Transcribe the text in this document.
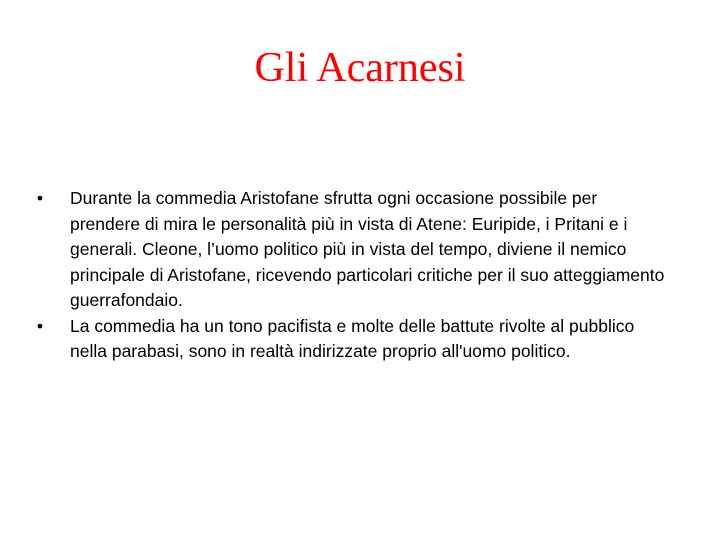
Gli Acarnesi
•	Durante la commedia Aristofane sfrutta ogni occasione possibile per prendere di mira le personalità più in vista di Atene: Euripide, i Pritani e i generali. Cleone, l’uomo politico più in vista del tempo, diviene il nemico principale di Aristofane, ricevendo particolari critiche per il suo atteggiamento guerrafondaio.
•	La commedia ha un tono pacifista e molte delle battute rivolte al pubblico nella parabasi, sono in realtà indirizzate proprio all'uomo politico.
